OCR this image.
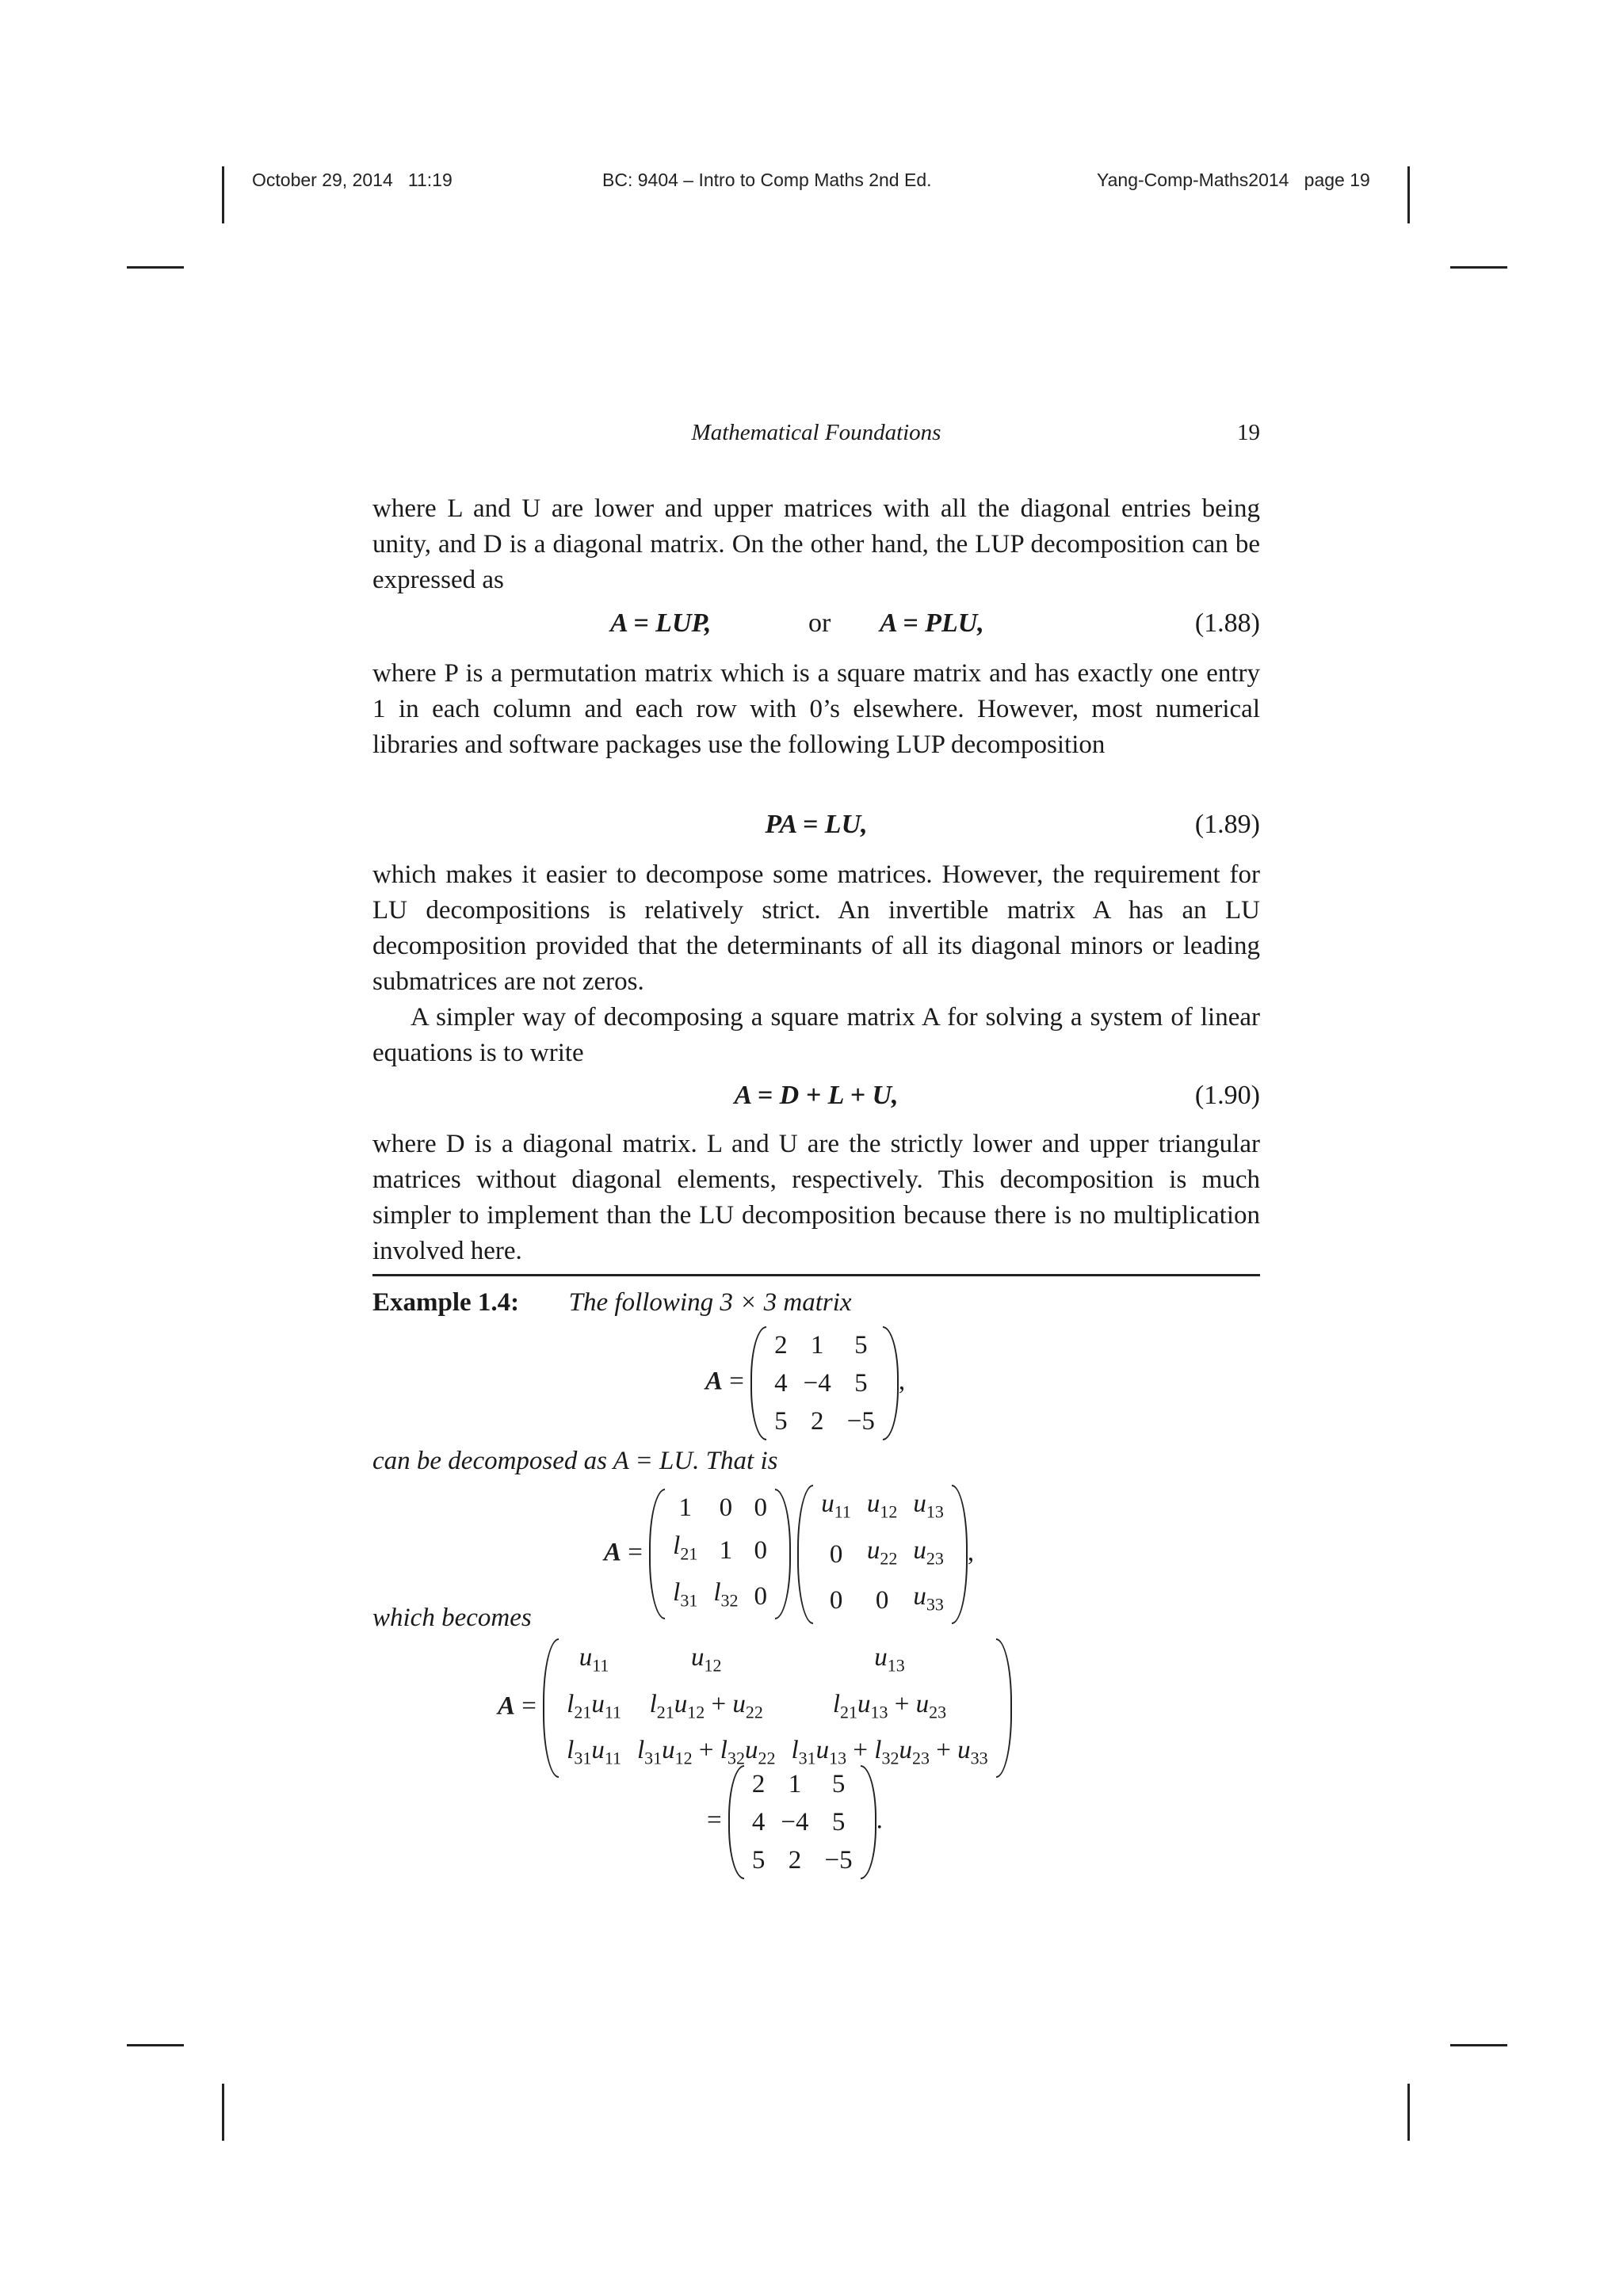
October 29, 2014 11:19	BC: 9404 – Intro to Comp Maths 2nd Ed.	Yang-Comp-Maths2014 page 19
Mathematical Foundations	19

where L and U are lower and upper matrices with all the diagonal entries being unity, and D is a diagonal matrix. On the other hand, the LUP decomposition can be expressed as

A = LUP,	or A = PLU,	(1.88)

where P is a permutation matrix which is a square matrix and has exactly one entry 1 in each column and each row with 0’s elsewhere. However, most numerical libraries and software packages use the following LUP decomposition

PA = LU,	(1.89)

which makes it easier to decompose some matrices. However, the requirement for LU decompositions is relatively strict. An invertible matrix A has an LU decomposition provided that the determinants of all its diagonal minors or leading submatrices are not zeros.

A simpler way of decomposing a square matrix A for solving a system of linear equations is to write

A = D + L + U,	(1.90)

where D is a diagonal matrix. L and U are the strictly lower and upper triangular matrices without diagonal elements, respectively. This decomposition is much simpler to implement than the LU decomposition because there is no multiplication involved here.

Example 1.4: The following 3 × 3 matrix
A =
2	1	5
4	−4	5
5	2	−5
,
can be decomposed as A = LU. That is
A =
1	0	0
$l_{21}$	1	0
$l_{31}$	$l_{32}$	0

$u_{11}$	$u_{12}$	$u_{13}$
0	$u_{22}$	$u_{23}$
0	0	$u_{33}$
,
which becomes
A =
$u_{11}$	$u_{12}$	$u_{13}$
$l_{21}u_{11}$	$l_{21}u_{12} + u_{22}$	$l_{21}u_{13} + u_{23}$
$l_{31}u_{11}$	$l_{31}u_{12} + l_{32}u_{22}$	$l_{31}u_{13} + l_{32}u_{23} + u_{33}$
=
2	1	5
4	−4	5
5	2	−5
.
